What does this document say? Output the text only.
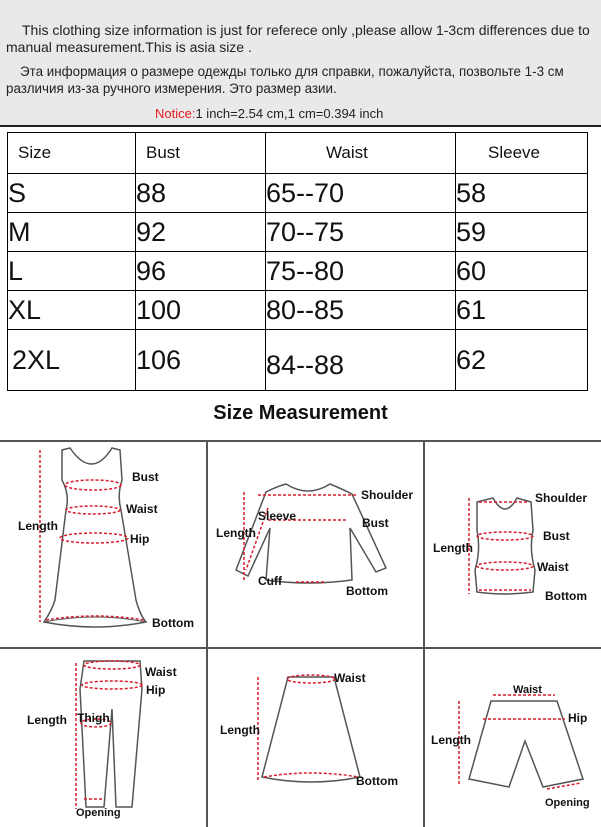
This clothing size information is just for referece only ,please allow 1-3cm differences due to manual measurement.This is asia size .
Эта информация о размере одежды только для справки, пожалуйста, позвольте 1-3 см различия из-за ручного измерения. Это размер азии.
Notice:1 inch=2.54 cm,1 cm=0.394 inch
Size	Bust	Waist	Sleeve
S	88	65--70	58
M	92	70--75	59
L	96	75--80	60
XL	100	80--85	61
2XL	106	84--88	62
Size Measurement
Bust
Waist
Hip
Length
Bottom
Shoulder
Sleeve	Bust
Length
Cuff
Bottom
Shoulder
Bust
Length
Waist
Bottom
Waist
Hip
Length Thigh
Opening
Waist
Length
Bottom
Waist
Hip
Length
Opening
